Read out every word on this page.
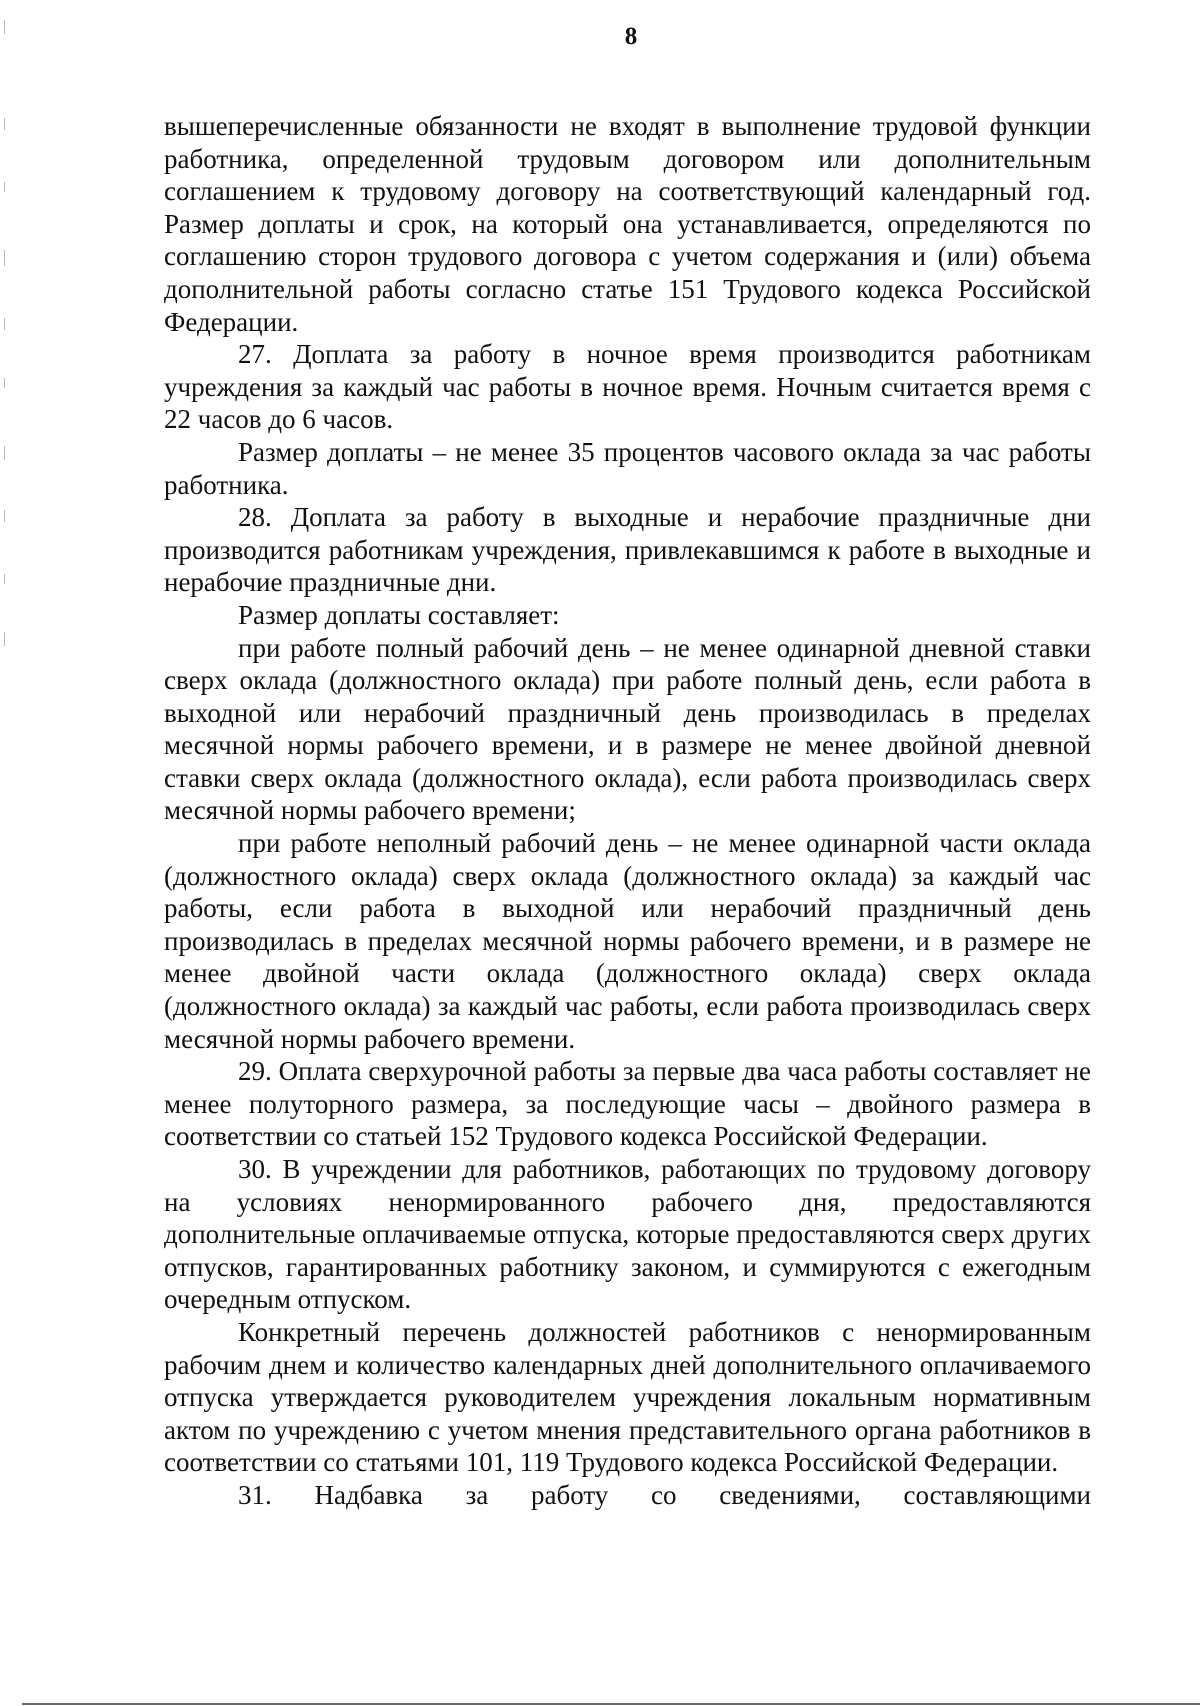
8

вышеперечисленные обязанности не входят в выполнение трудовой функции работника, определенной трудовым договором или дополнительным соглашением к трудовому договору на соответствующий календарный год. Размер доплаты и срок, на который она устанавливается, определяются по соглашению сторон трудового договора с учетом содержания и (или) объема дополнительной работы согласно статье 151 Трудового кодекса Российской Федерации.

27. Доплата за работу в ночное время производится работникам учреждения за каждый час работы в ночное время. Ночным считается время с 22 часов до 6 часов.

Размер доплаты – не менее 35 процентов часового оклада за час работы работника.

28. Доплата за работу в выходные и нерабочие праздничные дни производится работникам учреждения, привлекавшимся к работе в выходные и нерабочие праздничные дни.

Размер доплаты составляет:

при работе полный рабочий день – не менее одинарной дневной ставки сверх оклада (должностного оклада) при работе полный день, если работа в выходной или нерабочий праздничный день производилась в пределах месячной нормы рабочего времени, и в размере не менее двойной дневной ставки сверх оклада (должностного оклада), если работа производилась сверх месячной нормы рабочего времени;

при работе неполный рабочий день – не менее одинарной части оклада (должностного оклада) сверх оклада (должностного оклада) за каждый час работы, если работа в выходной или нерабочий праздничный день производилась в пределах месячной нормы рабочего времени, и в размере не менее двойной части оклада (должностного оклада) сверх оклада (должностного оклада) за каждый час работы, если работа производилась сверх месячной нормы рабочего времени.

29. Оплата сверхурочной работы за первые два часа работы составляет не менее полуторного размера, за последующие часы – двойного размера в соответствии со статьей 152 Трудового кодекса Российской Федерации.

30. В учреждении для работников, работающих по трудовому договору на условиях ненормированного рабочего дня, предоставляются дополнительные оплачиваемые отпуска, которые предоставляются сверх других отпусков, гарантированных работнику законом, и суммируются с ежегодным очередным отпуском.

Конкретный перечень должностей работников с ненормированным рабочим днем и количество календарных дней дополнительного оплачиваемого отпуска утверждается руководителем учреждения локальным нормативным актом по учреждению с учетом мнения представительного органа работников в соответствии со статьями 101, 119 Трудового кодекса Российской Федерации.

31. Надбавка за работу со сведениями, составляющими
